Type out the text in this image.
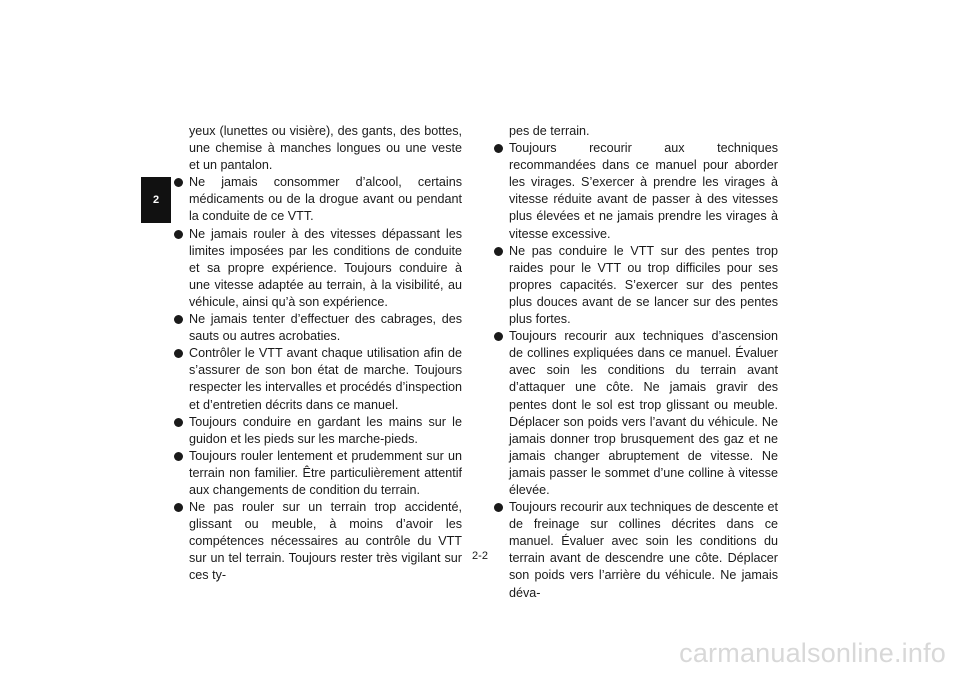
2

yeux (lunettes ou visière), des gants, des bottes, une chemise à manches longues ou une veste et un pantalon.

Ne jamais consommer d’alcool, certains médicaments ou de la drogue avant ou pendant la conduite de ce VTT.
Ne jamais rouler à des vitesses dépassant les limites imposées par les conditions de conduite et sa propre expérience. Toujours conduire à une vitesse adaptée au terrain, à la visibilité, au véhicule, ainsi qu’à son expérience.
Ne jamais tenter d’effectuer des cabrages, des sauts ou autres acrobaties.
Contrôler le VTT avant chaque utilisation afin de s’assurer de son bon état de marche. Toujours respecter les intervalles et procédés d’inspection et d’entretien décrits dans ce manuel.
Toujours conduire en gardant les mains sur le guidon et les pieds sur les marche-pieds.
Toujours rouler lentement et prudemment sur un terrain non familier. Être particulièrement attentif aux changements de condition du terrain.
Ne pas rouler sur un terrain trop accidenté, glissant ou meuble, à moins d’avoir les compétences nécessaires au contrôle du VTT sur un tel terrain. Toujours rester très vigilant sur ces ty-

pes de terrain.

Toujours recourir aux techniques recommandées dans ce manuel pour aborder les virages. S’exercer à prendre les virages à vitesse réduite avant de passer à des vitesses plus élevées et ne jamais prendre les virages à vitesse excessive.
Ne pas conduire le VTT sur des pentes trop raides pour le VTT ou trop difficiles pour ses propres capacités. S’exercer sur des pentes plus douces avant de se lancer sur des pentes plus fortes.
Toujours recourir aux techniques d’ascension de collines expliquées dans ce manuel. Évaluer avec soin les conditions du terrain avant d’attaquer une côte. Ne jamais gravir des pentes dont le sol est trop glissant ou meuble. Déplacer son poids vers l’avant du véhicule. Ne jamais donner trop brusquement des gaz et ne jamais changer abruptement de vitesse. Ne jamais passer le sommet d’une colline à vitesse élevée.
Toujours recourir aux techniques de descente et de freinage sur collines décrites dans ce manuel. Évaluer avec soin les conditions du terrain avant de descendre une côte. Déplacer son poids vers l’arrière du véhicule. Ne jamais déva-
2-2
carmanualsonline.info
